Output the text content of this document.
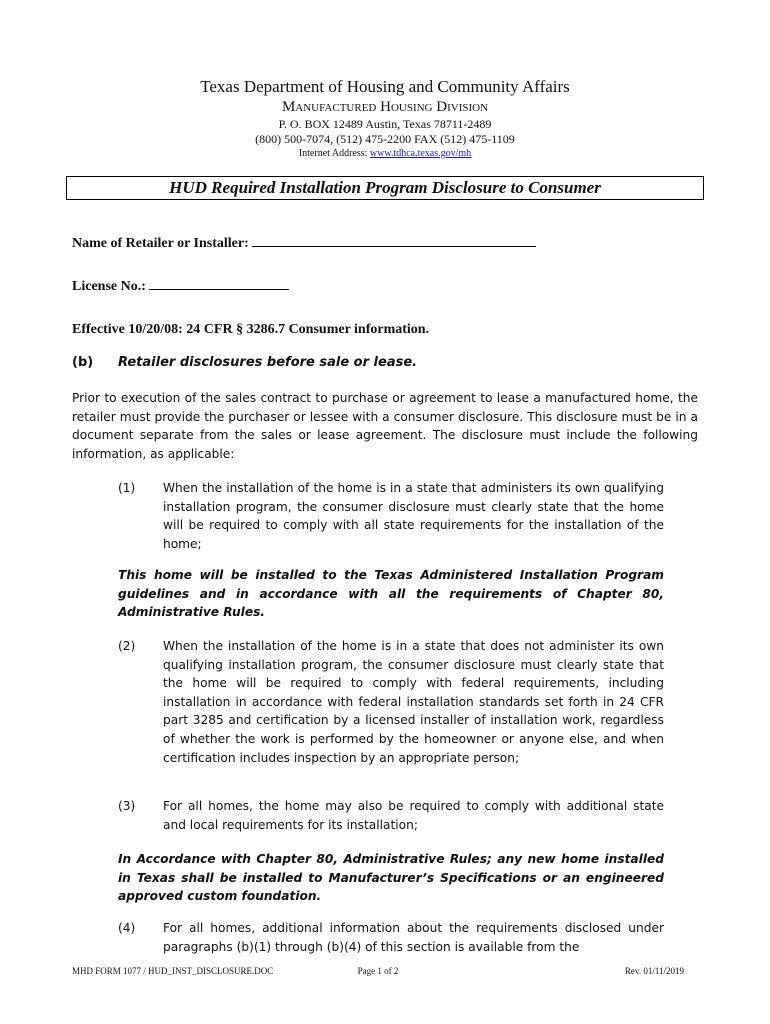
Texas Department of Housing and Community Affairs
Manufactured Housing Division
P. O. BOX 12489 Austin, Texas 78711-2489
(800) 500-7074, (512) 475-2200 FAX (512) 475-1109
Internet Address: www.tdhca.texas.gov/mh
HUD Required Installation Program Disclosure to Consumer
Name of Retailer or Installer:
License No.:
Effective 10/20/08: 24 CFR § 3286.7 Consumer information.
(b) Retailer disclosures before sale or lease.
Prior to execution of the sales contract to purchase or agreement to lease a manufactured home, the retailer must provide the purchaser or lessee with a consumer disclosure. This disclosure must be in a document separate from the sales or lease agreement. The disclosure must include the following information, as applicable:
(1) When the installation of the home is in a state that administers its own qualifying installation program, the consumer disclosure must clearly state that the home will be required to comply with all state requirements for the installation of the home;
This home will be installed to the Texas Administered Installation Program guidelines and in accordance with all the requirements of Chapter 80, Administrative Rules.
(2) When the installation of the home is in a state that does not administer its own qualifying installation program, the consumer disclosure must clearly state that the home will be required to comply with federal requirements, including installation in accordance with federal installation standards set forth in 24 CFR part 3285 and certification by a licensed installer of installation work, regardless of whether the work is performed by the homeowner or anyone else, and when certification includes inspection by an appropriate person;
(3) For all homes, the home may also be required to comply with additional state and local requirements for its installation;
In Accordance with Chapter 80, Administrative Rules; any new home installed in Texas shall be installed to Manufacturer’s Specifications or an engineered approved custom foundation.
(4) For all homes, additional information about the requirements disclosed under paragraphs (b)(1) through (b)(4) of this section is available from the
MHD FORM 1077 / HUD_INST_DISCLOSURE.DOC	Page 1 of 2	Rev. 01/11/2019
